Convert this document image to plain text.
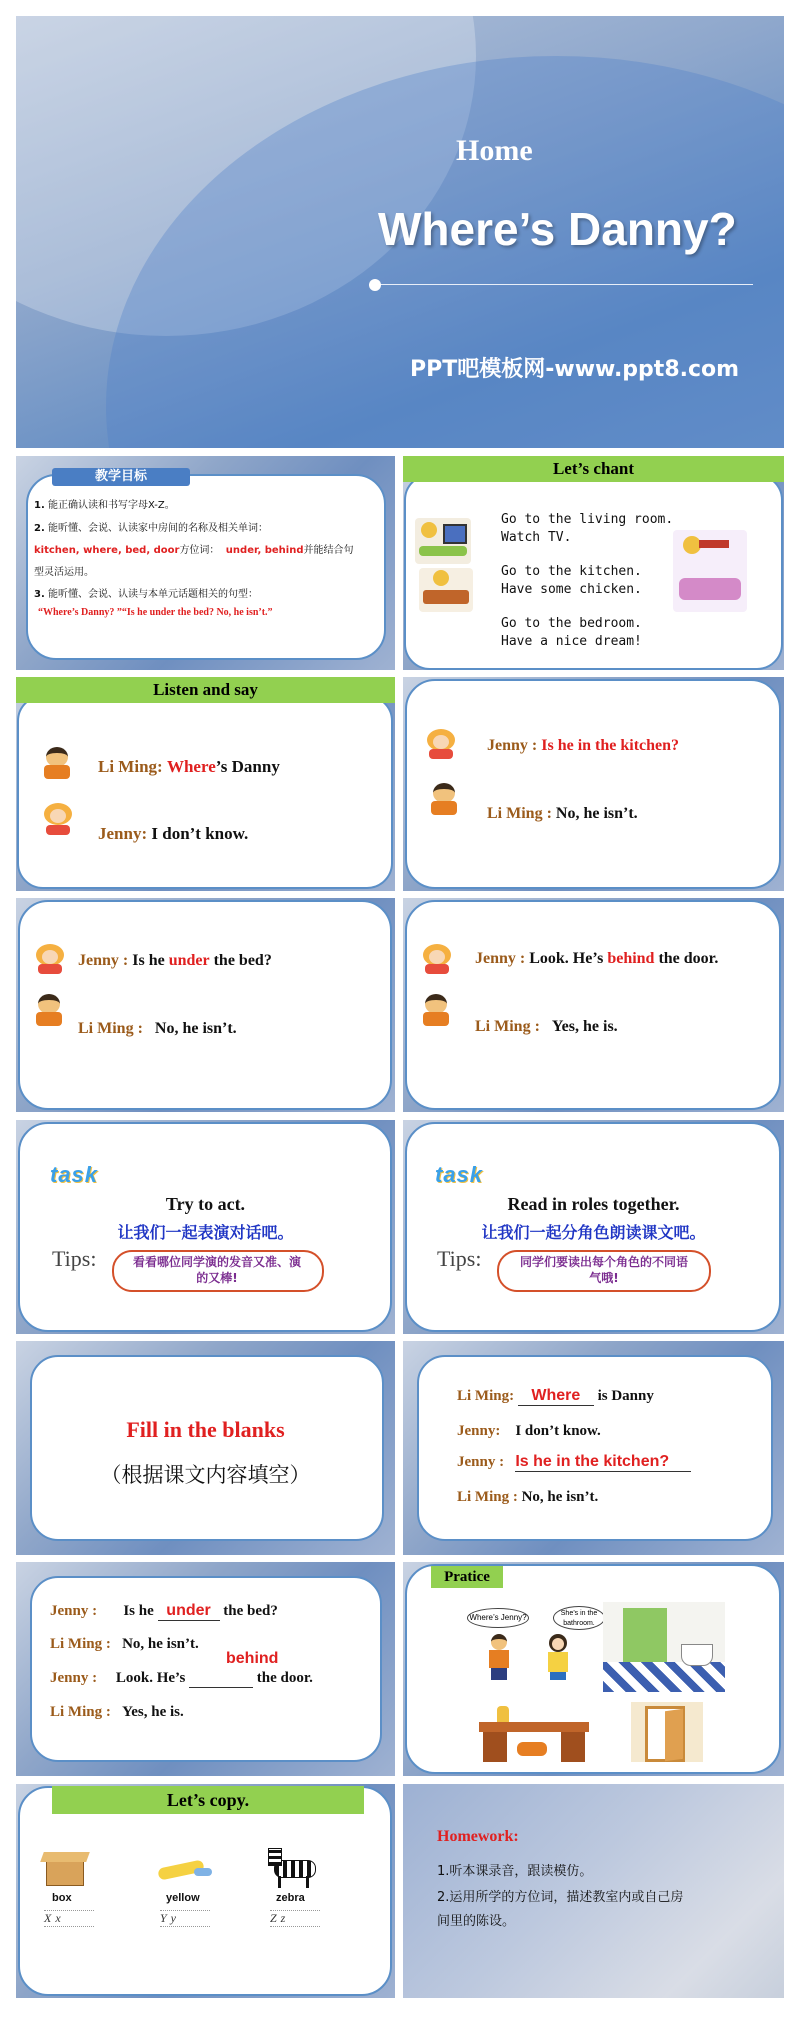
Home
Where’s Danny?
PPT吧模板网-www.ppt8.com
教学目标
1. 能正确认读和书写字母X-Z。
2. 能听懂、会说、认读家中房间的名称及相关单词：
kitchen, where, bed, door方位词： under, behind并能结合句
型灵活运用。
3. 能听懂、会说、认读与本单元话题相关的句型：
“Where’s Danny? ”“Is he under the bed? No, he isn’t.”
Let’s chant
Go to the living room.
Watch TV.
Go to the kitchen.
Have some chicken.
Go to the bedroom.
Have a nice dream!
Listen and say
Li Ming: Where’s Danny
Jenny: I don’t know.
Jenny : Is he in the kitchen?
Li Ming : No, he isn’t.
Jenny : Is he under the bed?
Li Ming : No, he isn’t.
Jenny : Look. He’s behind the door.
Li Ming : Yes, he is.
task
Try to act.
让我们一起表演对话吧。
Tips:	看看哪位同学演的发音又准、演的又棒!
task
Read in roles together.
让我们一起分角色朗读课文吧。
Tips:	同学们要读出每个角色的不同语气哦!
Fill in the blanks
（根据课文内容填空）
Li Ming: Where is Danny
Jenny: I don’t know.
Jenny : Is he in the kitchen?
Li Ming : No, he isn’t.
Jenny : Is he under the bed?
Li Ming : No, he isn’t.
behind
Jenny : Look. He’s	the door.
Li Ming : Yes, he is.
Pratice
Where’s Jenny?	She’s in the bathroom.
Let’s copy.
box	yellow	zebra
Xx	Yy	Zz
Homework:
1.听本课录音，跟读模仿。
2.运用所学的方位词，描述教室内或自己房
间里的陈设。
